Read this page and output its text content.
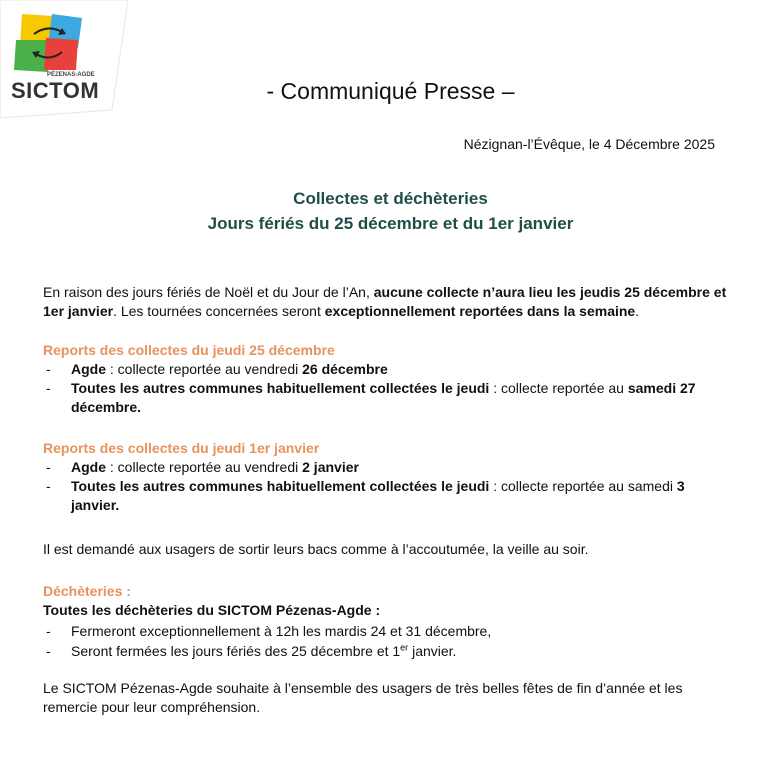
PÉZENAS-AGDE
SICTOM	- Communiqué Presse –
Nézignan-l’Évêque, le 4 Décembre 2025
Collectes et déchèteries
Jours fériés du 25 décembre et du 1er janvier
En raison des jours fériés de Noël et du Jour de l’An, aucune collecte n’aura lieu les jeudis 25 décembre et 1er janvier. Les tournées concernées seront exceptionnellement reportées dans la semaine.
Reports des collectes du jeudi 25 décembre
- Agde : collecte reportée au vendredi 26 décembre
- Toutes les autres communes habituellement collectées le jeudi : collecte reportée au samedi 27 décembre.
Reports des collectes du jeudi 1er janvier
- Agde : collecte reportée au vendredi 2 janvier
- Toutes les autres communes habituellement collectées le jeudi : collecte reportée au samedi 3 janvier.
Il est demandé aux usagers de sortir leurs bacs comme à l’accoutumée, la veille au soir.
Déchèteries :
Toutes les déchèteries du SICTOM Pézenas-Agde :
- Fermeront exceptionnellement à 12h les mardis 24 et 31 décembre,
- Seront fermées les jours fériés des 25 décembre et 1er janvier.
Le SICTOM Pézenas-Agde souhaite à l’ensemble des usagers de très belles fêtes de fin d’année et les remercie pour leur compréhension.
